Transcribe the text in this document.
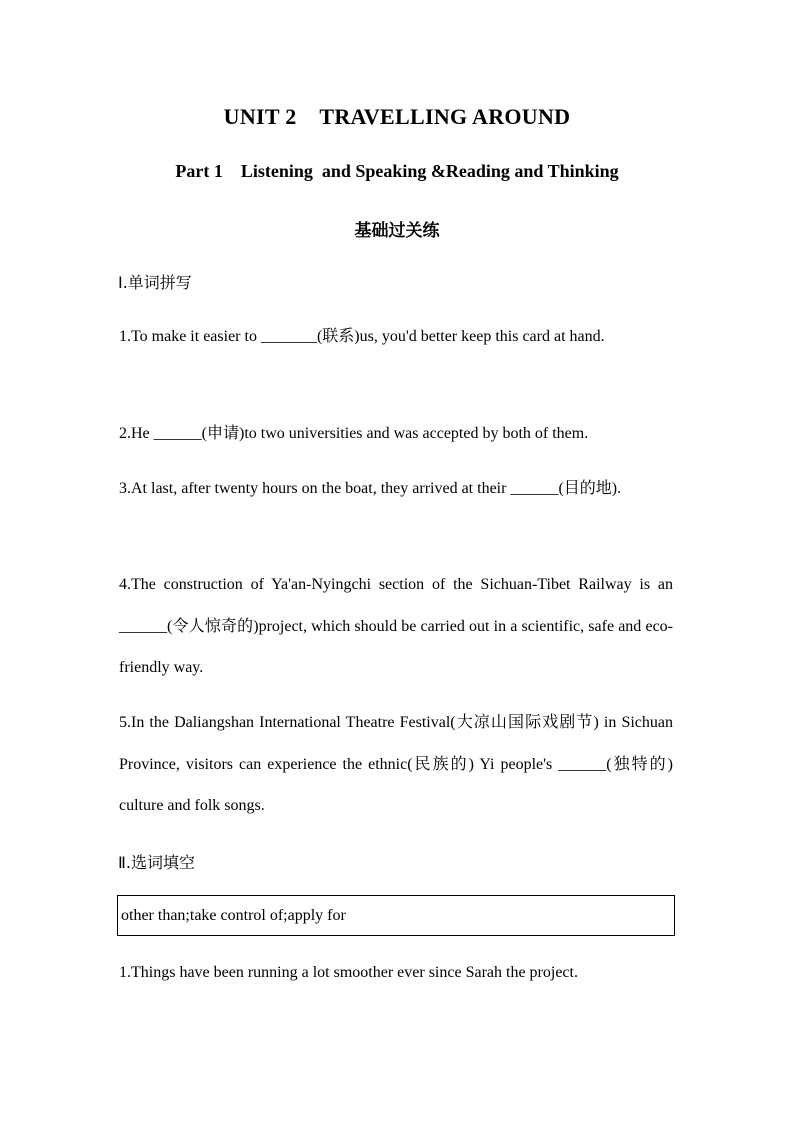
UNIT 2    TRAVELLING AROUND
Part 1    Listening  and Speaking &Reading and Thinking
基础过关练
Ⅰ.单词拼写
1.To make it easier to _______(联系)us, you'd better keep this card at hand.
2.He ______(申请)to two universities and was accepted by both of them.
3.At last, after twenty hours on the boat, they arrived at their ______(目的地).
4.The construction of Ya'an-Nyingchi section of the Sichuan-Tibet Railway is an ______(令人惊奇的)project, which should be carried out in a scientific, safe and eco-friendly way.
5.In the Daliangshan International Theatre Festival(大凉山国际戏剧节) in Sichuan Province, visitors can experience the ethnic(民族的) Yi people's ______(独特的) culture and folk songs.
Ⅱ.选词填空
other than;take control of;apply for
1.Things have been running a lot smoother ever since Sarah the project.
